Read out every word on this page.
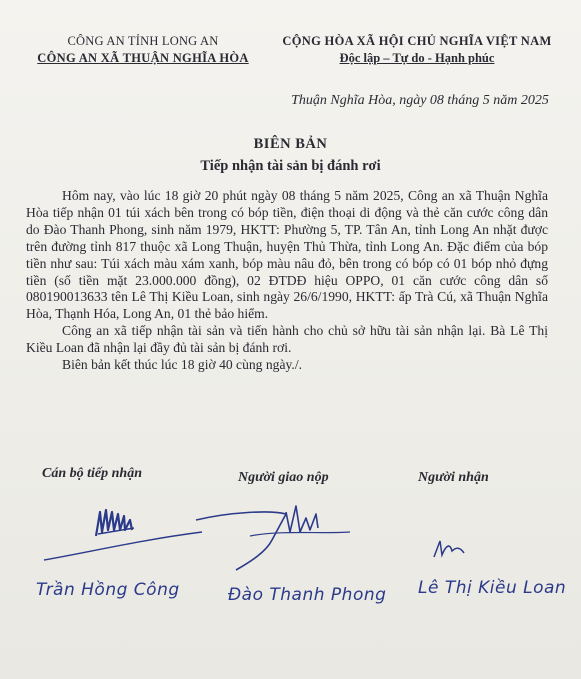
CÔNG AN TỈNH LONG AN
CÔNG AN XÃ THUẬN NGHĨA HÒA
CỘNG HÒA XÃ HỘI CHỦ NGHĨA VIỆT NAM
Độc lập – Tự do - Hạnh phúc
Thuận Nghĩa Hòa, ngày 08 tháng 5 năm 2025
BIÊN BẢN
Tiếp nhận tài sản bị đánh rơi

Hôm nay, vào lúc 18 giờ 20 phút ngày 08 tháng 5 năm 2025, Công an xã Thuận Nghĩa Hòa tiếp nhận 01 túi xách bên trong có bóp tiền, điện thoại di động và thẻ căn cước công dân do Đào Thanh Phong, sinh năm 1979, HKTT: Phường 5, TP. Tân An, tỉnh Long An nhặt được trên đường tỉnh 817 thuộc xã Long Thuận, huyện Thủ Thừa, tỉnh Long An. Đặc điểm của bóp tiền như sau: Túi xách màu xám xanh, bóp màu nâu đỏ, bên trong có bóp có 01 bóp nhỏ đựng tiền (số tiền mặt 23.000.000 đồng), 02 ĐTDĐ hiệu OPPO, 01 căn cước công dân số 080190013633 tên Lê Thị Kiều Loan, sinh ngày 26/6/1990, HKTT: ấp Trà Cú, xã Thuận Nghĩa Hòa, Thạnh Hóa, Long An, 01 thẻ bảo hiểm.

Công an xã tiếp nhận tài sản và tiến hành cho chủ sở hữu tài sản nhận lại. Bà Lê Thị Kiều Loan đã nhận lại đầy đủ tài sản bị đánh rơi.

Biên bản kết thúc lúc 18 giờ 40 cùng ngày./.

Cán bộ tiếp nhận	Người giao nộp	Người nhận
Trần Hồng Công	Đào Thanh Phong Lê Thị Kiều Loan
